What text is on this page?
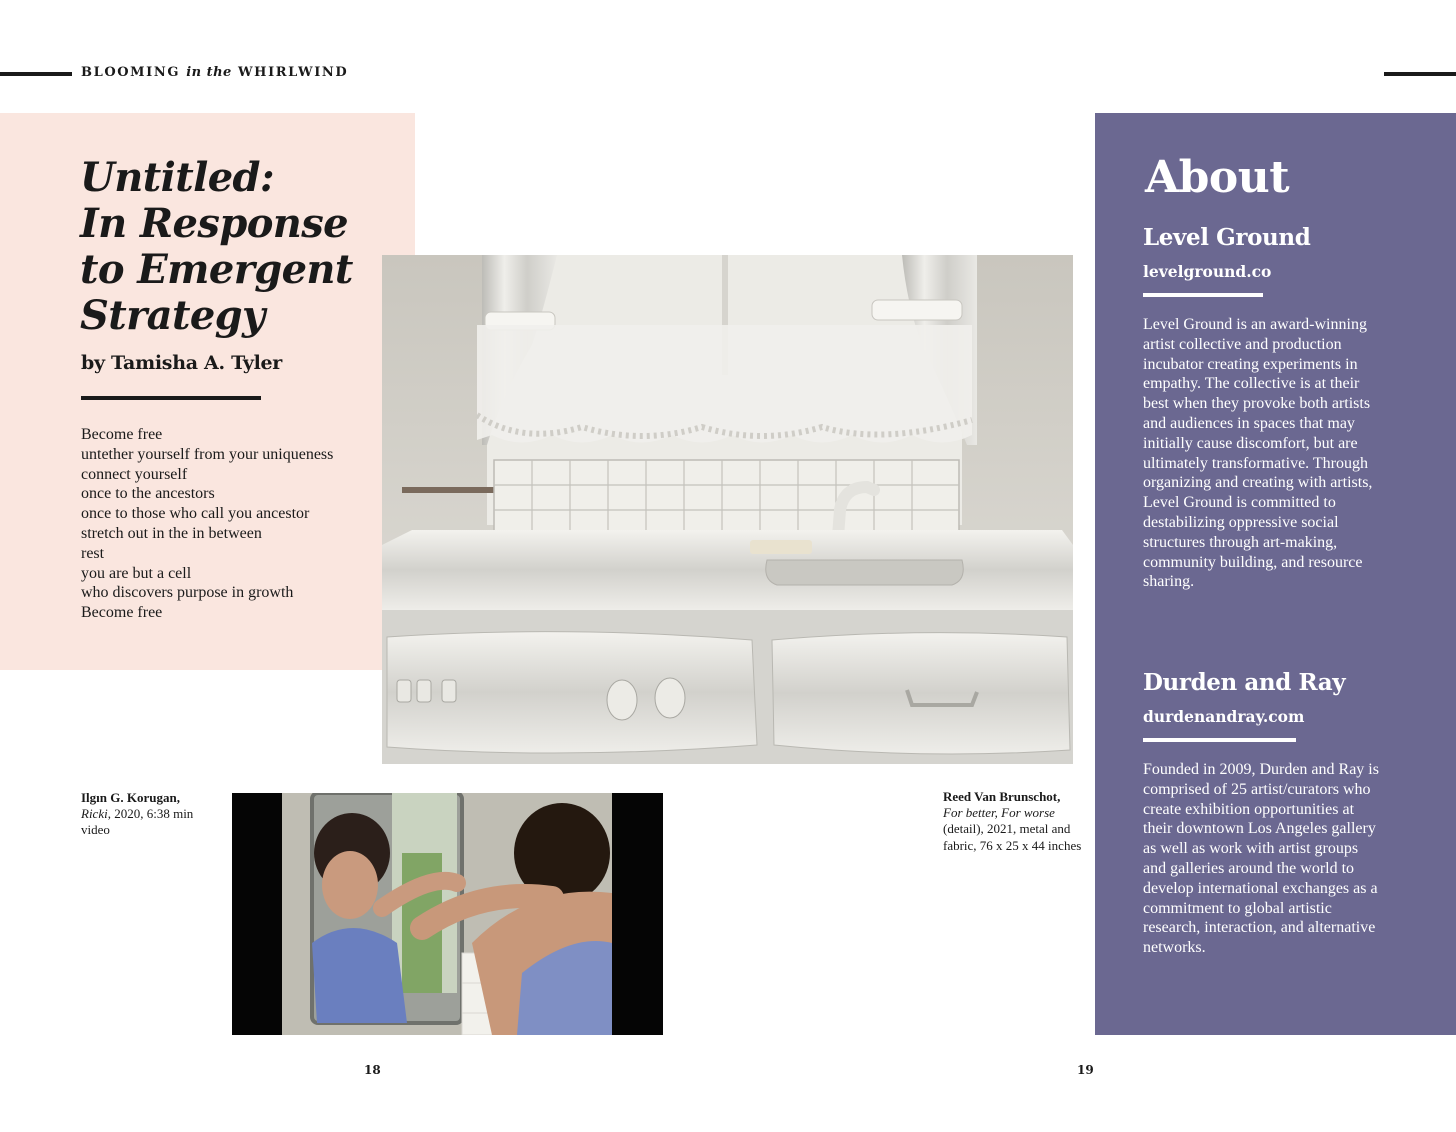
BLOOMING in the WHIRLWIND
Untitled:
In Response
to Emergent
Strategy
by Tamisha A. Tyler
Become free
untether yourself from your uniqueness
connect yourself
once to the ancestors
once to those who call you ancestor
stretch out in the in between
rest
you are but a cell
who discovers purpose in growth
Become free
Ilgın G. Korugan,
Ricki, 2020, 6:38 min video
Reed Van Brunschot,
For better, For worse
(detail), 2021, metal and fabric, 76 x 25 x 44 inches
About
Level Ground
levelground.co

Level Ground is an award-winning artist collective and production incubator creating experiments in empathy. The collective is at their best when they provoke both artists and audiences in spaces that may initially cause discomfort, but are ultimately transformative. Through organizing and creating with artists, Level Ground is committed to destabilizing oppressive social structures through art-making, community building, and resource sharing.

Durden and Ray
durdenandray.com

Founded in 2009, Durden and Ray is comprised of 25 artist/curators who create exhibition opportunities at their downtown Los Angeles gallery as well as work with artist groups and galleries around the world to develop international exchanges as a commitment to global artistic research, interaction, and alternative networks.

18	19
